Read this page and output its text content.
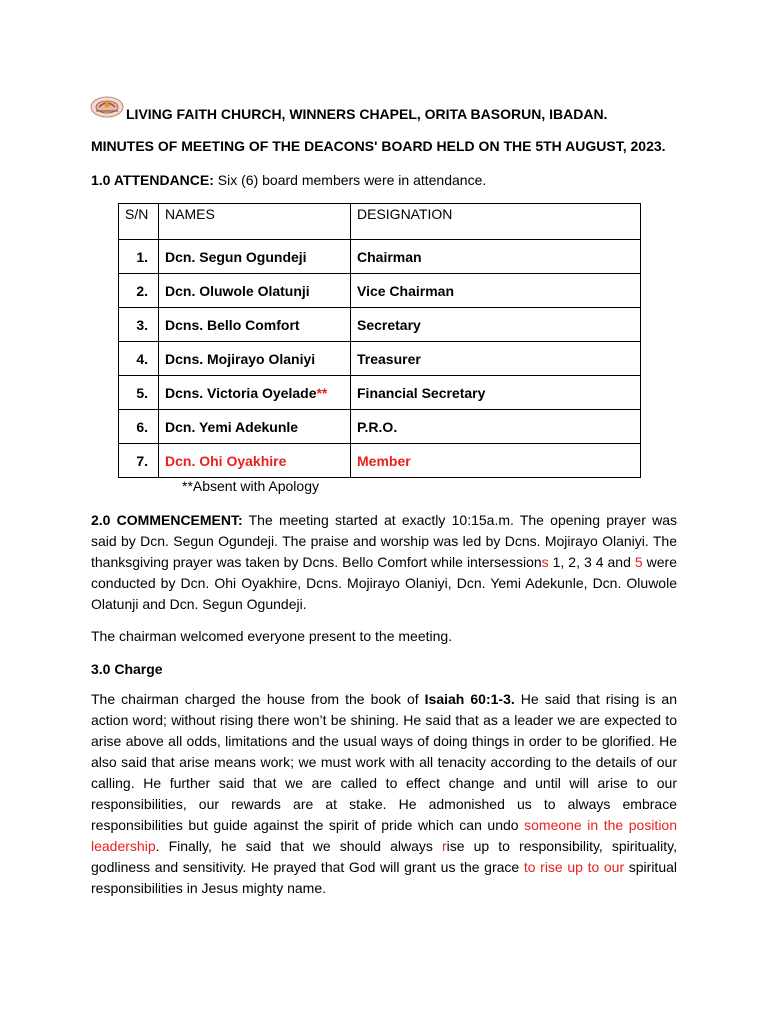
LIVING FAITH CHURCH, WINNERS CHAPEL, ORITA BASORUN, IBADAN.
MINUTES OF MEETING OF THE DEACONS' BOARD HELD ON THE 5TH AUGUST, 2023.
1.0 ATTENDANCE: Six (6) board members were in attendance.
S/N	NAMES	DESIGNATION
1.	Dcn. Segun Ogundeji	Chairman
2.	Dcn. Oluwole Olatunji	Vice Chairman
3.	Dcns. Bello Comfort	Secretary
4.	Dcns. Mojirayo Olaniyi	Treasurer
5.	Dcns. Victoria Oyelade**	Financial Secretary
6.	Dcn. Yemi Adekunle	P.R.O.
7.	Dcn. Ohi Oyakhire	Member
**Absent with Apology
2.0 COMMENCEMENT: The meeting started at exactly 10:15a.m. The opening prayer was said by Dcn. Segun Ogundeji. The praise and worship was led by Dcns. Mojirayo Olaniyi. The thanksgiving prayer was taken by Dcns. Bello Comfort while intersessions 1, 2, 3 4 and 5 were conducted by Dcn. Ohi Oyakhire, Dcns. Mojirayo Olaniyi, Dcn. Yemi Adekunle, Dcn. Oluwole Olatunji and Dcn. Segun Ogundeji.
The chairman welcomed everyone present to the meeting.
3.0 Charge
The chairman charged the house from the book of Isaiah 60:1-3. He said that rising is an action word; without rising there won’t be shining. He said that as a leader we are expected to arise above all odds, limitations and the usual ways of doing things in order to be glorified. He also said that arise means work; we must work with all tenacity according to the details of our calling. He further said that we are called to effect change and until will arise to our responsibilities, our rewards are at stake. He admonished us to always embrace responsibilities but guide against the spirit of pride which can undo someone in the position leadership. Finally, he said that we should always rise up to responsibility, spirituality, godliness and sensitivity. He prayed that God will grant us the grace to rise up to our spiritual responsibilities in Jesus mighty name.
